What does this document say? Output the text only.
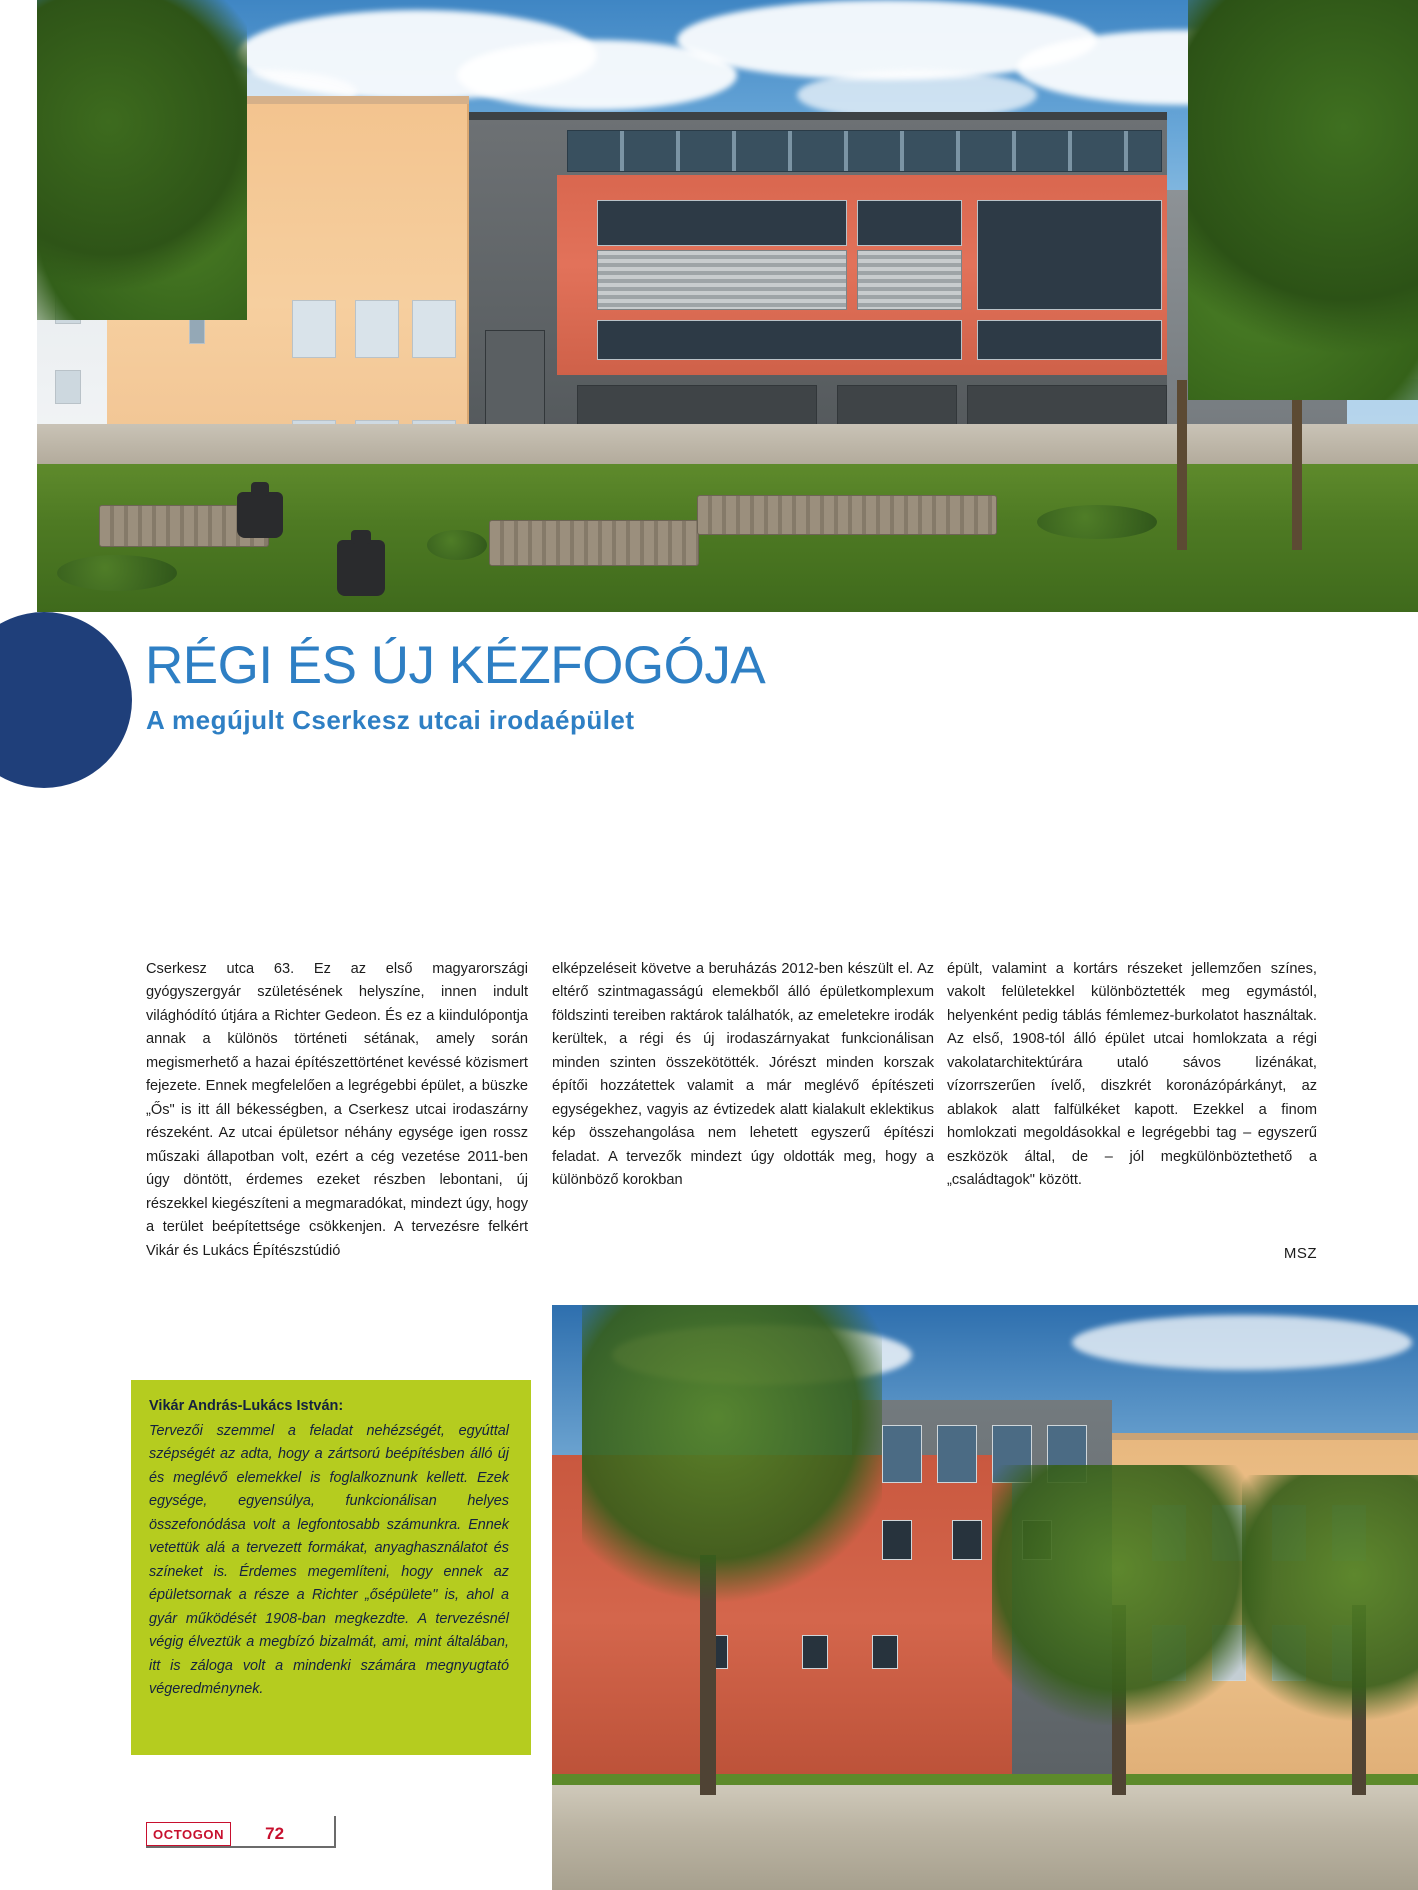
RÉGI ÉS ÚJ KÉZFOGÓJA
A megújult Cserkesz utcai irodaépület

Cserkesz utca 63. Ez az első magyarországi gyógyszergyár születésének helyszíne, innen indult világhódító útjára a Richter Gedeon. És ez a kiindulópontja annak a különös történeti sétának, amely során megismerhető a hazai építészettörténet kevéssé közismert fejezete. Ennek megfelelően a legrégebbi épület, a büszke „Ős" is itt áll békességben, a Cserkesz utcai irodaszárny részeként. Az utcai épületsor néhány egysége igen rossz műszaki állapotban volt, ezért a cég vezetése 2011-ben úgy döntött, érdemes ezeket részben lebontani, új részekkel kiegészíteni a megmaradókat, mindezt úgy, hogy a terület beépítettsége csökkenjen. A tervezésre felkért Vikár és Lukács Építészstúdió

elképzeléseit követve a beruházás 2012-ben készült el. Az eltérő szintmagasságú elemekből álló épületkomplexum földszinti tereiben raktárok találhatók, az emeletekre irodák kerültek, a régi és új irodaszárnyakat funkcionálisan minden szinten összekötötték. Jórészt minden korszak építői hozzátettek valamit a már meglévő építészeti egységekhez, vagyis az évtizedek alatt kialakult eklektikus kép összehangolása nem lehetett egyszerű építészi feladat. A tervezők mindezt úgy oldották meg, hogy a különböző korokban

épült, valamint a kortárs részeket jellemzően színes, vakolt felületekkel különböztették meg egymástól, helyenként pedig táblás fémlemez-burkolatot használtak. Az első, 1908-tól álló épület utcai homlokzata a régi vakolatarchitektúrára utaló sávos lizénákat, vízorrszerűen ívelő, diszkrét koronázópárkányt, az ablakok alatt falfülkéket kapott. Ezekkel a finom homlokzati megoldásokkal e legrégebbi tag – egyszerű eszközök által, de – jól megkülönböztethető a „családtagok" között.

MSZ
Vikár András-Lukács István:
Tervezői szemmel a feladat nehézségét, egyúttal szépségét az adta, hogy a zártsorú beépítésben álló új és meglévő elemekkel is foglalkoznunk kellett. Ezek egysége, egyensúlya, funkcionálisan helyes összefonódása volt a legfontosabb számunkra. Ennek vetettük alá a tervezett formákat, anyaghasználatot és színeket is. Érdemes megemlíteni, hogy ennek az épületsornak a része a Richter „ősépülete" is, ahol a gyár működését 1908-ban megkezdte. A tervezésnél végig élveztük a megbízó bizalmát, ami, mint általában, itt is záloga volt a mindenki számára megnyugtató végeredménynek.
OCTOGON	72
